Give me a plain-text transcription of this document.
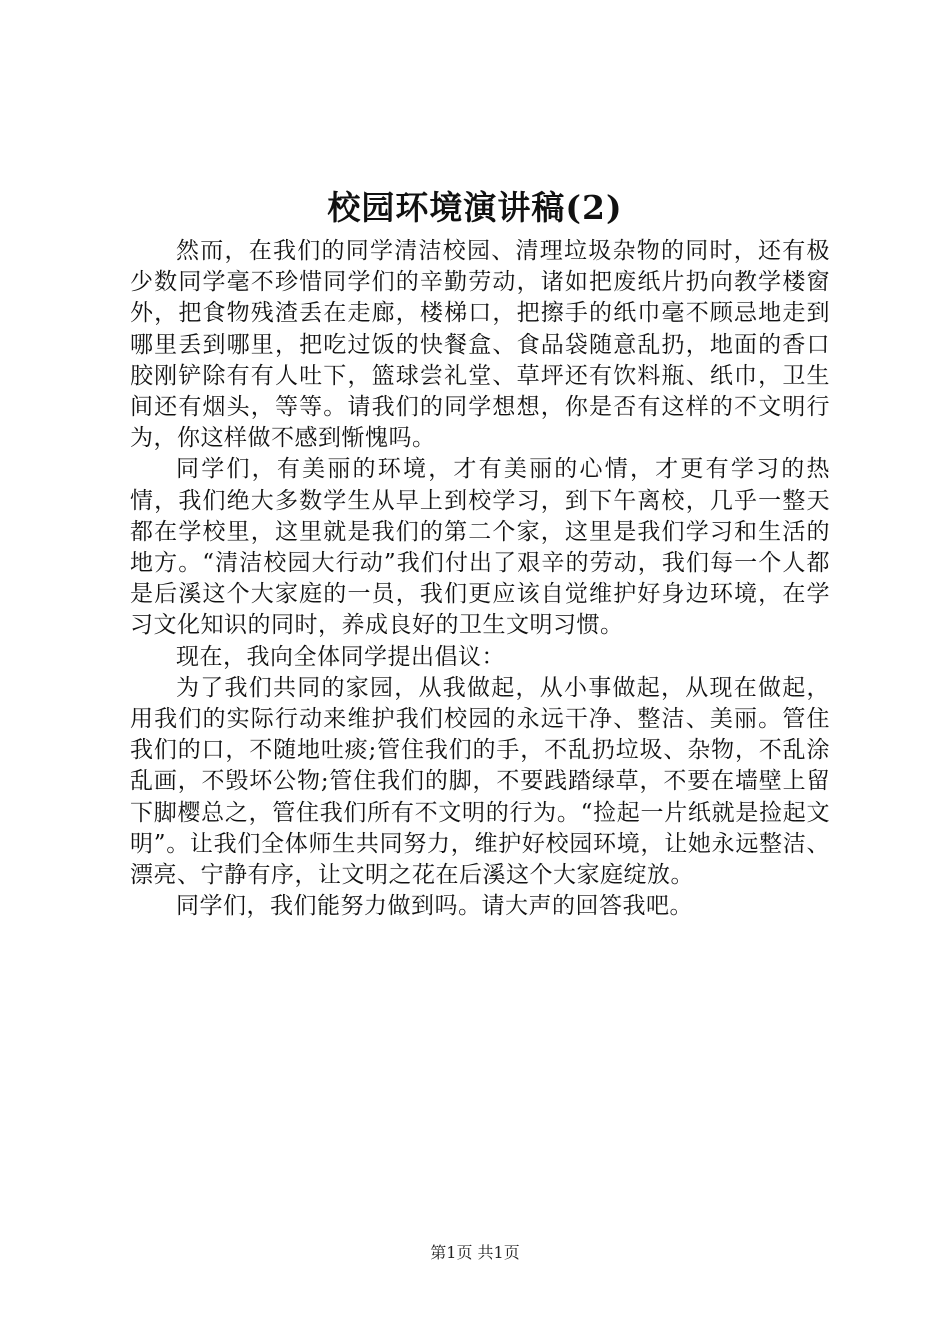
校园环境演讲稿(2)

然而，在我们的同学清洁校园、清理垃圾杂物的同时，还有极少数同学毫不珍惜同学们的辛勤劳动，诸如把废纸片扔向教学楼窗外，把食物残渣丢在走廊，楼梯口，把擦手的纸巾毫不顾忌地走到哪里丢到哪里，把吃过饭的快餐盒、食品袋随意乱扔，地面的香口胶刚铲除有有人吐下，篮球尝礼堂、草坪还有饮料瓶、纸巾，卫生间还有烟头，等等。请我们的同学想想，你是否有这样的不文明行为，你这样做不感到惭愧吗。

同学们，有美丽的环境，才有美丽的心情，才更有学习的热情，我们绝大多数学生从早上到校学习，到下午离校，几乎一整天都在学校里，这里就是我们的第二个家，这里是我们学习和生活的地方。“清洁校园大行动”我们付出了艰辛的劳动，我们每一个人都是后溪这个大家庭的一员，我们更应该自觉维护好身边环境，在学习文化知识的同时，养成良好的卫生文明习惯。

现在，我向全体同学提出倡议：

为了我们共同的家园，从我做起，从小事做起，从现在做起，用我们的实际行动来维护我们校园的永远干净、整洁、美丽。管住我们的口，不随地吐痰;管住我们的手，不乱扔垃圾、杂物，不乱涂乱画，不毁坏公物;管住我们的脚，不要践踏绿草，不要在墙壁上留下脚樱总之，管住我们所有不文明的行为。“捡起一片纸就是捡起文明”。让我们全体师生共同努力，维护好校园环境，让她永远整洁、漂亮、宁静有序，让文明之花在后溪这个大家庭绽放。

同学们，我们能努力做到吗。请大声的回答我吧。

第1页 共1页
